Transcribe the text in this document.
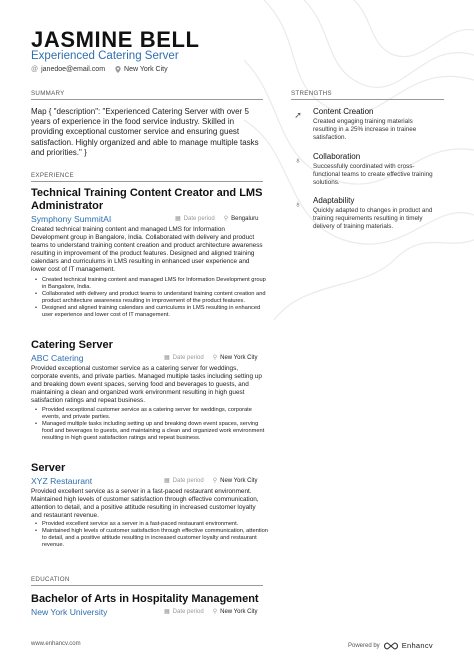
JASMINE BELL
Experienced Catering Server
@ janedoe@email.com	New York City
SUMMARY
Map { "description": "Experienced Catering Server with over 5 years of experience in the food service industry. Skilled in providing exceptional customer service and ensuring guest satisfaction. Highly organized and able to manage multiple tasks and priorities." }
EXPERIENCE
Technical Training Content Creator and LMS Administrator
Symphony SummitAI	▦ Date period ⚲ Bengaluru
Created technical training content and managed LMS for Information Development group in Bangalore, India. Collaborated with delivery and product teams to understand training content creation and product architecture awareness resulting in improvement of the product features. Designed and aligned training calendars and curriculums in LMS resulting in enhanced user experience and lower cost of IT management.
• Created technical training content and managed LMS for Information Development group in Bangalore, India.
• Collaborated with delivery and product teams to understand training content creation and product architecture awareness resulting in improvement of the product features.
• Designed and aligned training calendars and curriculums in LMS resulting in enhanced user experience and lower cost of IT management.
Catering Server
ABC Catering	▦ Date period ⚲ New York City
Provided exceptional customer service as a catering server for weddings, corporate events, and private parties. Managed multiple tasks including setting up and breaking down event spaces, serving food and beverages to guests, and maintaining a clean and organized work environment resulting in high guest satisfaction ratings and repeat business.
• Provided exceptional customer service as a catering server for weddings, corporate events, and private parties.
• Managed multiple tasks including setting up and breaking down event spaces, serving food and beverages to guests, and maintaining a clean and organized work environment resulting in high guest satisfaction ratings and repeat business.
Server
XYZ Restaurant	▦ Date period ⚲ New York City
Provided excellent service as a server in a fast-paced restaurant environment. Maintained high levels of customer satisfaction through effective communication, attention to detail, and a positive attitude resulting in increased customer loyalty and restaurant revenue.
• Provided excellent service as a server in a fast-paced restaurant environment.
• Maintained high levels of customer satisfaction through effective communication, attention to detail, and a positive attitude resulting in increased customer loyalty and restaurant revenue.
EDUCATION
Bachelor of Arts in Hospitality Management
New York University	▦ Date period ⚲ New York City
STRENGTHS
➚	Content Creation
Created engaging training materials resulting in a 25% increase in trainee satisfaction.
♁	Collaboration
Successfully coordinated with cross-functional teams to create effective training solutions.
♁	Adaptability
Quickly adapted to changes in product and training requirements resulting in timely delivery of training materials.
www.enhancv.com	Powered by	Enhancv
